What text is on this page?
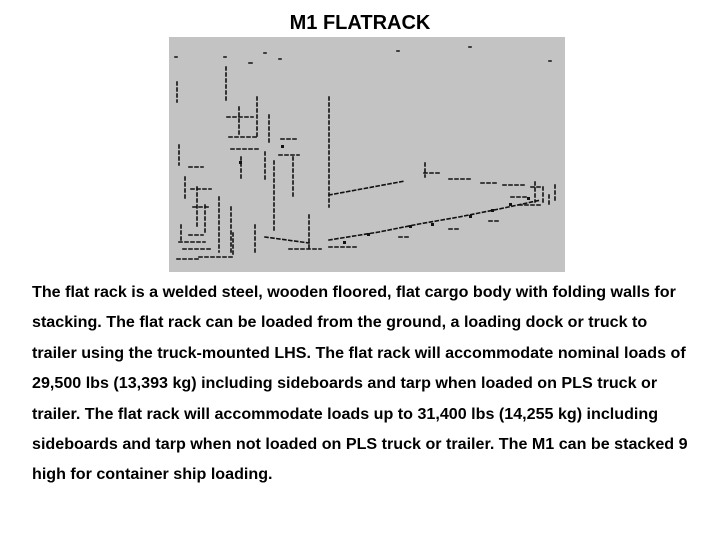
M1 FLATRACK

The flat rack is a welded steel, wooden floored, flat cargo body with folding walls for stacking. The flat rack can be loaded from the ground, a loading dock or truck to trailer using the truck-mounted LHS. The flat rack will accommodate nominal loads of 29,500 lbs (13,393 kg) including sideboards and tarp when loaded on PLS truck or trailer. The flat rack will accommodate loads up to 31,400 lbs (14,255 kg) including sideboards and tarp when not loaded on PLS truck or trailer. The M1 can be stacked 9 high for container ship loading.
